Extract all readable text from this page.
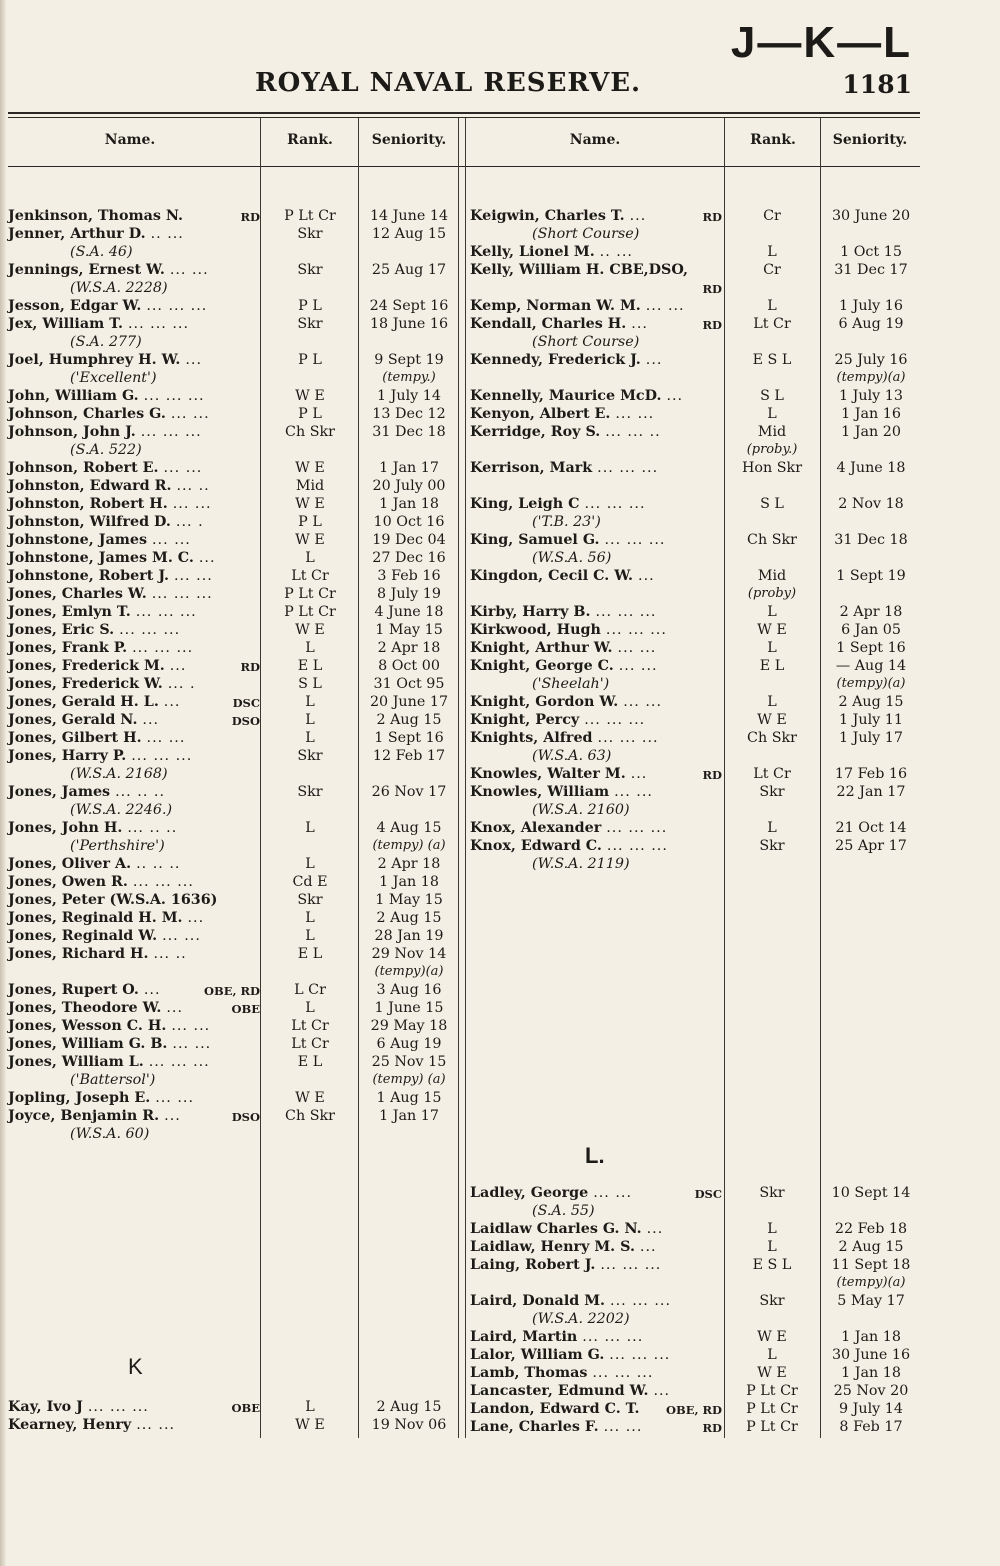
J—K—L
ROYAL NAVAL RESERVE.	1181
Name.	Rank.	Seniority.	Name.	Rank.	Seniority.
Jenkinson, Thomas N.	RD	P Lt Cr	14 June 14
Jenner, Arthur D. .. ...	Skr	12 Aug 15
(S.A. 46)
Jennings, Ernest W. ... ...	Skr	25 Aug 17
(W.S.A. 2228)
Jesson, Edgar W. ... ... ...	P L	24 Sept 16
Jex, William T. ... ... ...	Skr	18 June 16
(S.A. 277)
Joel, Humphrey H. W. ...	P L	9 Sept 19
('Excellent')	(tempy.)
John, William G. ... ... ...	W E	1 July 14
Johnson, Charles G. ... ...	P L	13 Dec 12
Johnson, John J. ... ... ...	Ch Skr	31 Dec 18
(S.A. 522)
Johnson, Robert E. ... ...	W E	1 Jan 17
Johnston, Edward R. ... ..	Mid	20 July 00
Johnston, Robert H. ... ...	W E	1 Jan 18
Johnston, Wilfred D. ... .	P L	10 Oct 16
Johnstone, James ... ...	W E	19 Dec 04
Johnstone, James M. C. ...	L	27 Dec 16
Johnstone, Robert J. ... ...	Lt Cr	3 Feb 16
Jones, Charles W. ... ... ...	P Lt Cr	8 July 19
Jones, Emlyn T. ... ... ...	P Lt Cr	4 June 18
Jones, Eric S. ... ... ...	W E	1 May 15
Jones, Frank P. ... ... ...	L	2 Apr 18
Jones, Frederick M. ...	RD	E L	8 Oct 00
Jones, Frederick W. ... .	S L	31 Oct 95
Jones, Gerald H. L. ...	DSC	L	20 June 17
Jones, Gerald N. ...	DSO	L	2 Aug 15
Jones, Gilbert H. ... ...	L	1 Sept 16
Jones, Harry P. ... ... ...	Skr	12 Feb 17
(W.S.A. 2168)
Jones, James ... .. ..	Skr	26 Nov 17
(W.S.A. 2246.)
Jones, John H. ... .. ..	L	4 Aug 15
('Perthshire')	(tempy) (a)
Jones, Oliver A. .. .. ..	L	2 Apr 18
Jones, Owen R. ... ... ...	Cd E	1 Jan 18
Jones, Peter (W.S.A. 1636)	Skr	1 May 15
Jones, Reginald H. M. ...	L	2 Aug 15
Jones, Reginald W. ... ...	L	28 Jan 19
Jones, Richard H. ... ..	E L	29 Nov 14
(tempy)(a)
Jones, Rupert O. ...	OBE, RD	L Cr	3 Aug 16
Jones, Theodore W. ...	OBE	L	1 June 15
Jones, Wesson C. H. ... ...	Lt Cr	29 May 18
Jones, William G. B. ... ...	Lt Cr	6 Aug 19
Jones, William L. ... ... ...	E L	25 Nov 15
('Battersol')	(tempy) (a)
Jopling, Joseph E. ... ...	W E	1 Aug 15
Joyce, Benjamin R. ...	DSO	Ch Skr	1 Jan 17
(W.S.A. 60)
K
Kay, Ivo J ... ... ...	OBE	L	2 Aug 15
Kearney, Henry ... ...	W E	19 Nov 06
Keigwin, Charles T. ...	RD	Cr	30 June 20
(Short Course)
Kelly, Lionel M. .. ...	L	1 Oct 15
Kelly, William H. CBE,DSO,	Cr	31 Dec 17
RD
Kemp, Norman W. M. ... ...	L	1 July 16
Kendall, Charles H. ...	RD	Lt Cr	6 Aug 19
(Short Course)
Kennedy, Frederick J. ...	E S L	25 July 16
(tempy)(a)
Kennelly, Maurice McD. ...	S L	1 July 13
Kenyon, Albert E. ... ...	L	1 Jan 16
Kerridge, Roy S. ... ... ..	Mid	1 Jan 20
(proby.)
Kerrison, Mark ... ... ...	Hon Skr	4 June 18
King, Leigh C ... ... ...	S L	2 Nov 18
('T.B. 23')
King, Samuel G. ... ... ...	Ch Skr	31 Dec 18
(W.S.A. 56)
Kingdon, Cecil C. W. ...	Mid	1 Sept 19
(proby)
Kirby, Harry B. ... ... ...	L	2 Apr 18
Kirkwood, Hugh ... ... ...	W E	6 Jan 05
Knight, Arthur W. ... ...	L	1 Sept 16
Knight, George C. ... ...	E L	— Aug 14
('Sheelah')	(tempy)(a)
Knight, Gordon W. ... ...	L	2 Aug 15
Knight, Percy ... ... ...	W E	1 July 11
Knights, Alfred ... ... ...	Ch Skr	1 July 17
(W.S.A. 63)
Knowles, Walter M. ...	RD	Lt Cr	17 Feb 16
Knowles, William ... ...	Skr	22 Jan 17
(W.S.A. 2160)
Knox, Alexander ... ... ...	L	21 Oct 14
Knox, Edward C. ... ... ...	Skr	25 Apr 17
(W.S.A. 2119)
L.
Ladley, George ... ...	DSC	Skr	10 Sept 14
(S.A. 55)
Laidlaw Charles G. N. ...	L	22 Feb 18
Laidlaw, Henry M. S. ...	L	2 Aug 15
Laing, Robert J. ... ... ...	E S L	11 Sept 18
(tempy)(a)
Laird, Donald M. ... ... ...	Skr	5 May 17
(W.S.A. 2202)
Laird, Martin ... ... ...	W E	1 Jan 18
Lalor, William G. ... ... ...	L	30 June 16
Lamb, Thomas ... ... ...	W E	1 Jan 18
Lancaster, Edmund W. ...	P Lt Cr	25 Nov 20
Landon, Edward C. T. OBE, RD	P Lt Cr	9 July 14
Lane, Charles F. ... ...	RD	P Lt Cr	8 Feb 17
